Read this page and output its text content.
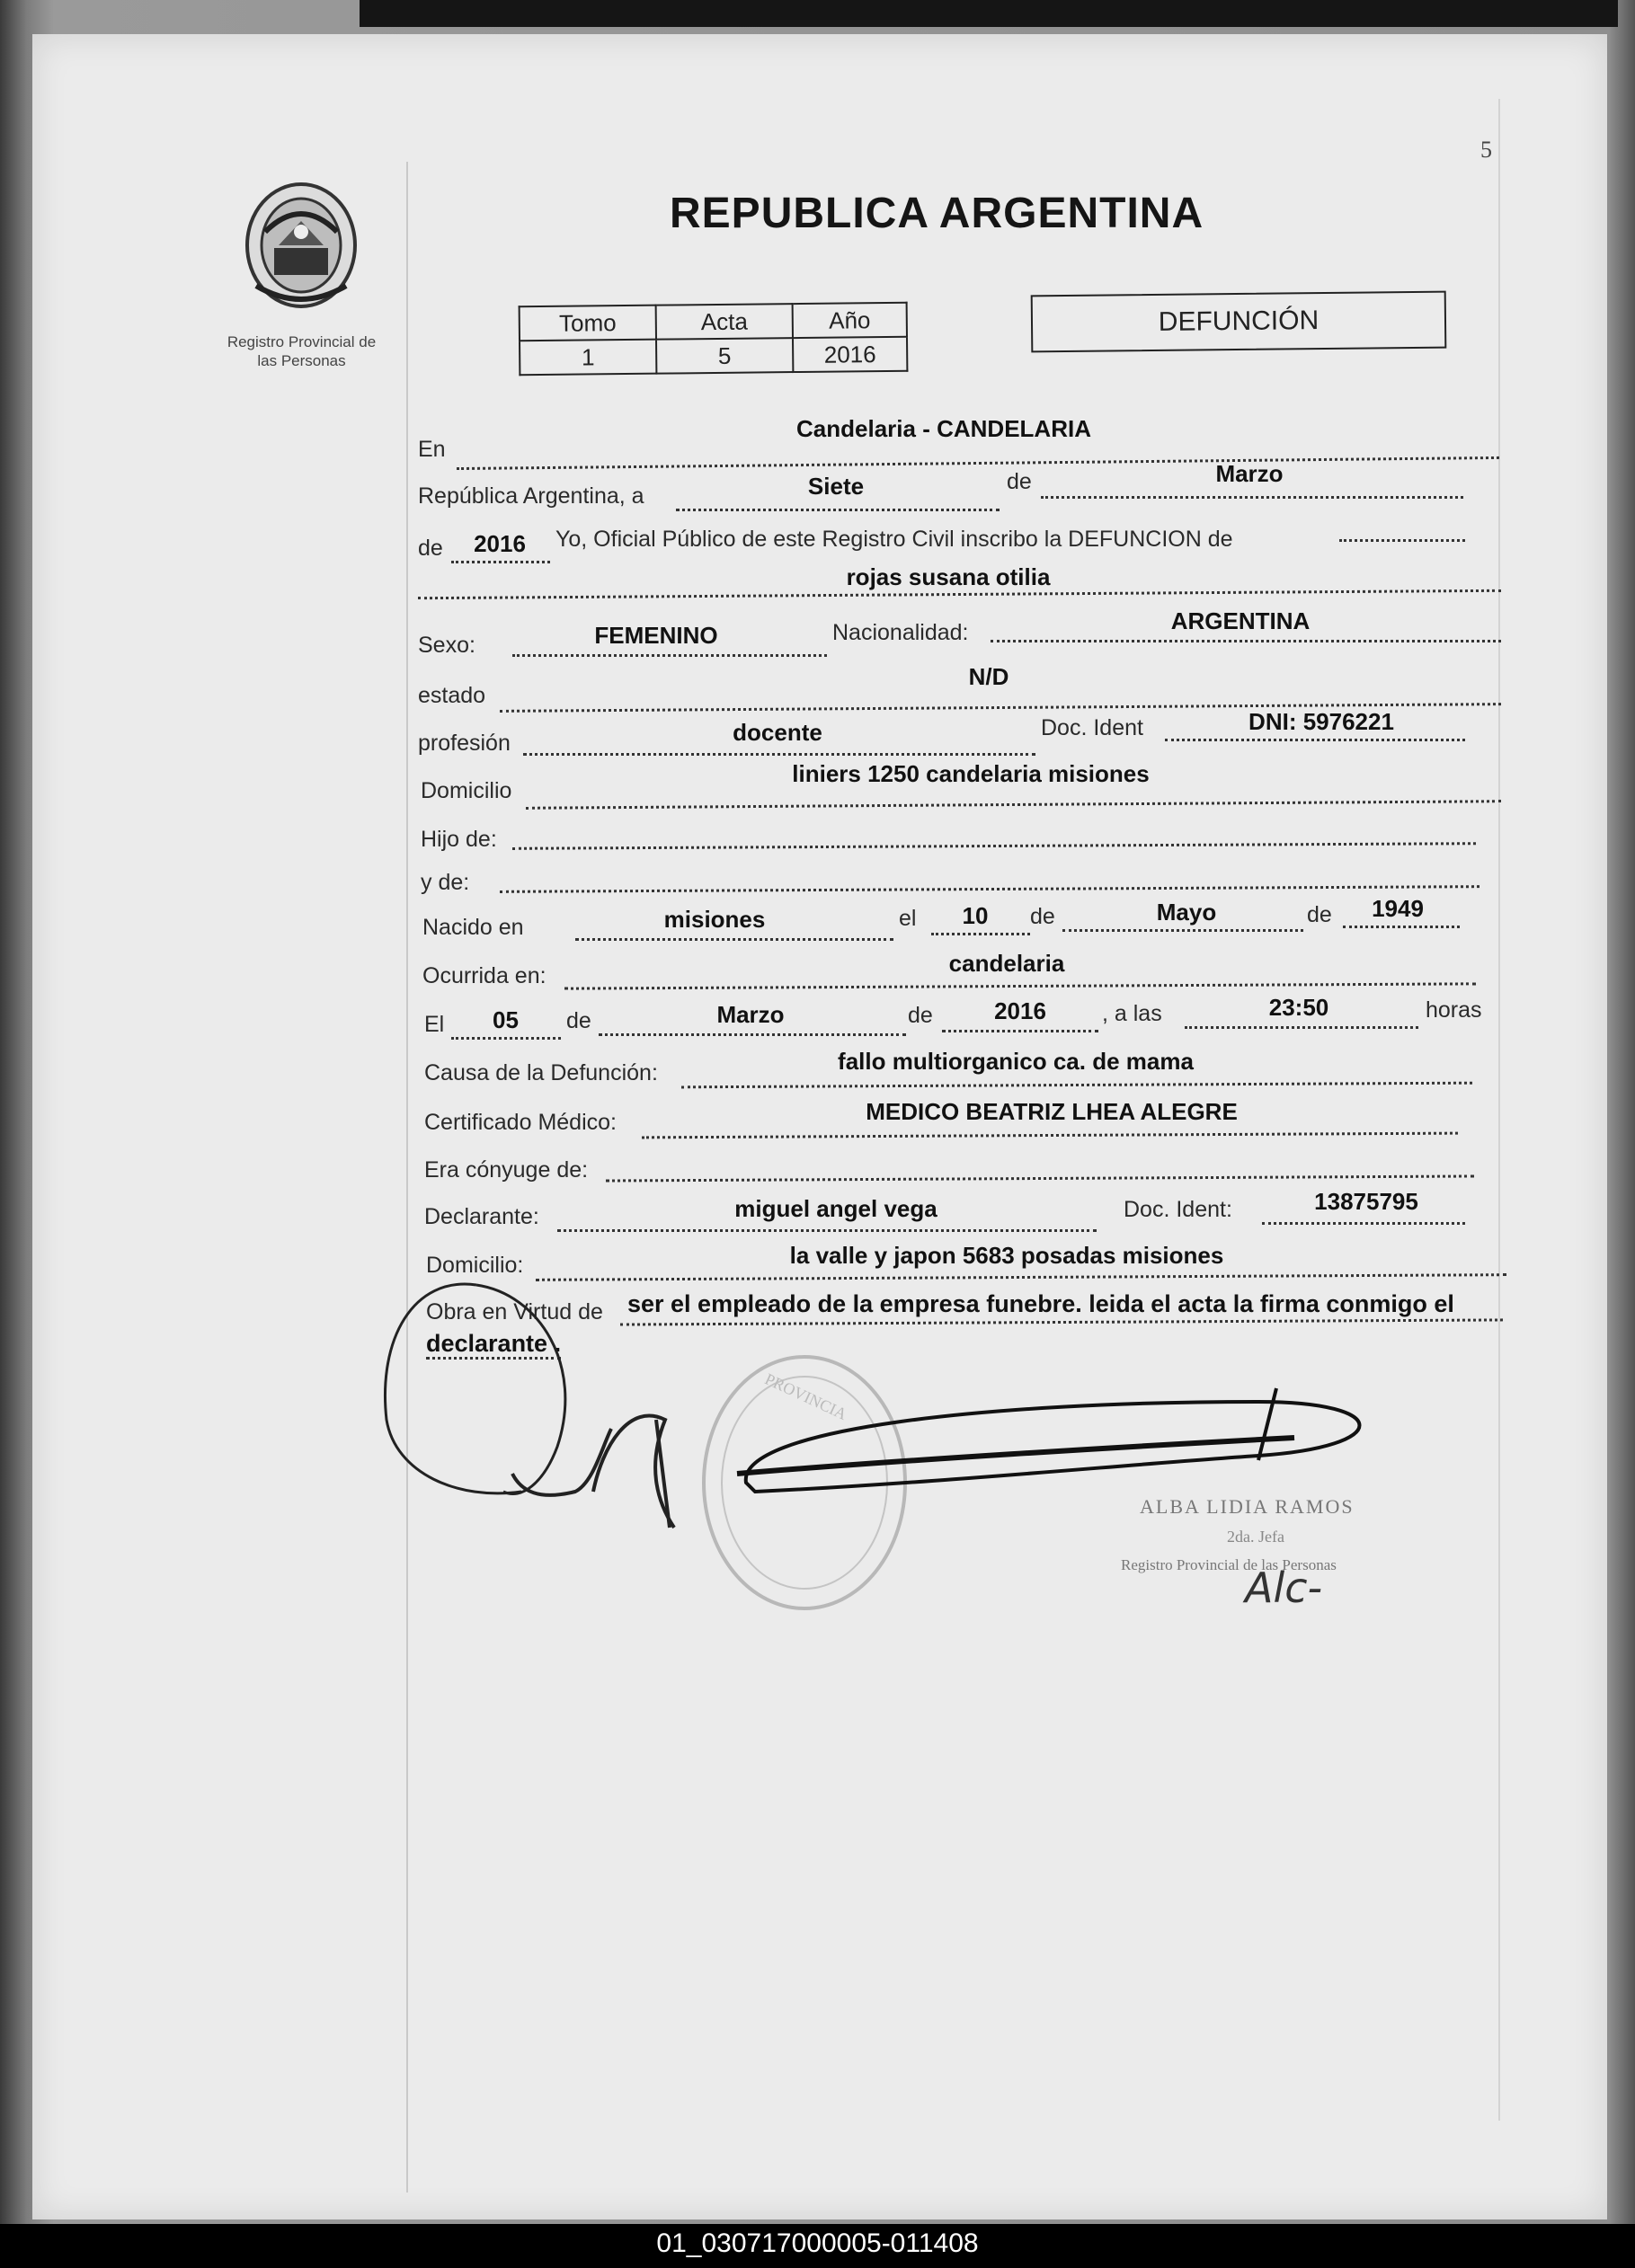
5
Registro Provincial de
las Personas
REPUBLICA ARGENTINA
Tomo	Acta	Año
1	5	2016
DEFUNCIÓN
En
Candelaria - CANDELARIA
República Argentina, a	Siete	de	Marzo
de	2016	Yo, Oficial Público de este Registro Civil inscribo la DEFUNCION de
rojas susana otilia
Sexo:	FEMENINO	Nacionalidad:	ARGENTINA
estado
N/D
profesión	docente	Doc. Ident	DNI: 5976221
Domicilio
liniers 1250 candelaria misiones
Hijo de:
y de:
Nacido en	misiones	el	10	de	Mayo	de	1949
Ocurrida en:	candelaria
El	05	de	Marzo	de	2016	, a las	23:50	horas
Causa de la Defunción:	fallo multiorganico ca. de mama
Certificado Médico:	MEDICO BEATRIZ LHEA ALEGRE
Era cónyuge de:
Declarante:	miguel angel vega	Doc. Ident:	13875795
Domicilio:	la valle y japon 5683 posadas misiones
Obra en Virtud de ser el empleado de la empresa funebre. leida el acta la firma conmigo el
declarante .
PROVINCIA
ALBA LIDIA RAMOS
2da. Jefa
Registro Provincial de las Personas
Alc-
01_030717000005-011408
